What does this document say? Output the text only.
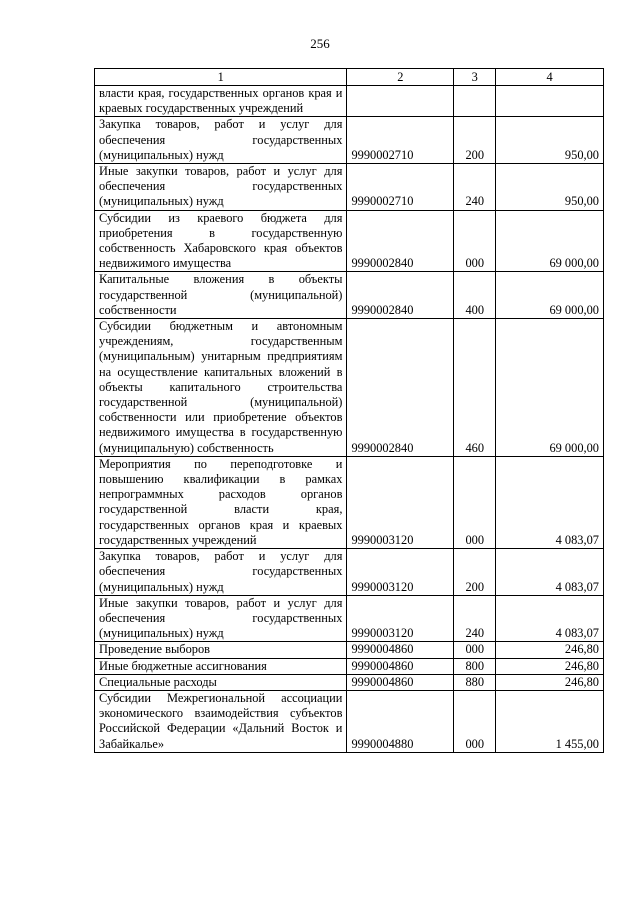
256
1	2	3	4
власти края, государственных органов края и краевых государственных учреждений			
Закупка товаров, работ и услуг для обеспечения государственных (муниципальных) нужд	9990002710	200	950,00
Иные закупки товаров, работ и услуг для обеспечения государственных (муниципальных) нужд	9990002710	240	950,00
Субсидии из краевого бюджета для приобретения в государственную собственность Хабаровского края объектов недвижимого имущества	9990002840	000	69 000,00
Капитальные вложения в объекты государственной (муниципальной) собственности	9990002840	400	69 000,00
Субсидии бюджетным и автономным учреждениям, государственным (муниципальным) унитарным предприятиям на осуществление капитальных вложений в объекты капитального строительства государственной (муниципальной) собственности или приобретение объектов недвижимого имущества в государственную (муниципальную) собственность	9990002840	460	69 000,00
Мероприятия по переподготовке и повышению квалификации в рамках непрограммных расходов органов государственной власти края, государственных органов края и краевых государственных учреждений	9990003120	000	4 083,07
Закупка товаров, работ и услуг для обеспечения государственных (муниципальных) нужд	9990003120	200	4 083,07
Иные закупки товаров, работ и услуг для обеспечения государственных (муниципальных) нужд	9990003120	240	4 083,07
Проведение выборов	9990004860	000	246,80
Иные бюджетные ассигнования	9990004860	800	246,80
Специальные расходы	9990004860	880	246,80
Субсидии Межрегиональной ассоциации экономического взаимодействия субъектов Российской Федерации «Дальний Восток и Забайкалье»	9990004880	000	1 455,00
